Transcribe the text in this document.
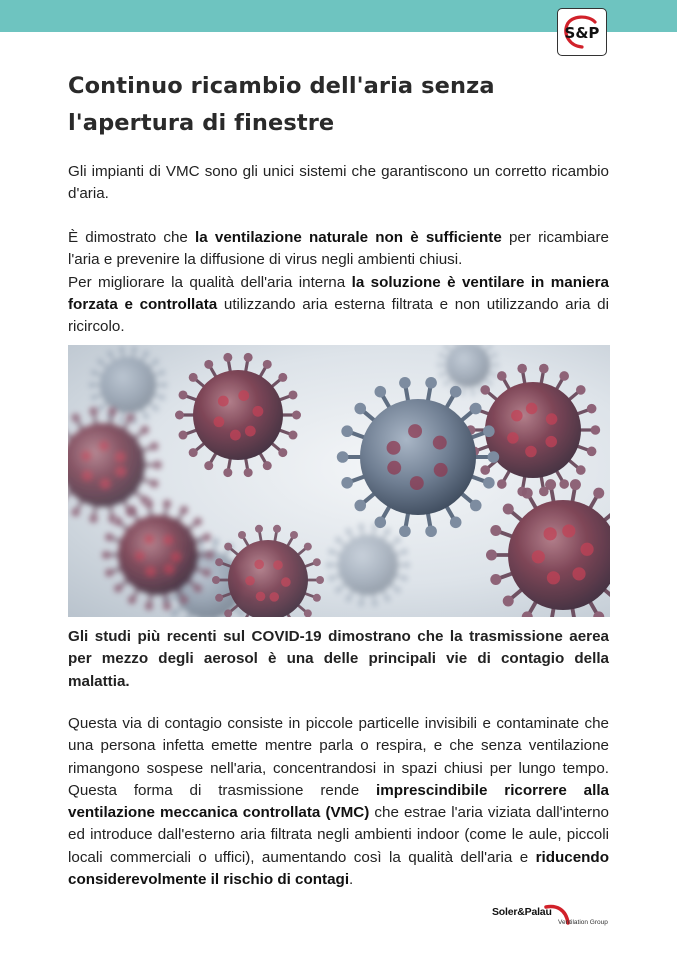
S&P
Continuo ricambio dell'aria senza l'apertura di finestre

Gli impianti di VMC sono gli unici sistemi che garantiscono un corretto ricambio d'aria.

È dimostrato che la ventilazione naturale non è sufficiente per ricambiare l'aria e prevenire la diffusione di virus negli ambienti chiusi.
Per migliorare la qualità dell'aria interna la soluzione è ventilare in maniera forzata e controllata utilizzando aria esterna filtrata e non utilizzando aria di ricircolo.

Gli studi più recenti sul COVID-19 dimostrano che la trasmissione aerea per mezzo degli aerosol è una delle principali vie di contagio della malattia.

Questa via di contagio consiste in piccole particelle invisibili e contaminate che una persona infetta emette mentre parla o respira, e che senza ventilazione rimangono sospese nell'aria, concentrandosi in spazi chiusi per lungo tempo. Questa forma di trasmissione rende imprescindibile ricorrere alla ventilazione meccanica controllata (VMC) che estrae l'aria viziata dall'interno ed introduce dall'esterno aria filtrata negli ambienti indoor (come le aule, piccoli locali commerciali o uffici), aumentando così la qualità dell'aria e riducendo considerevolmente il rischio di contagi.

Soler&Palau
Ventilation Group
